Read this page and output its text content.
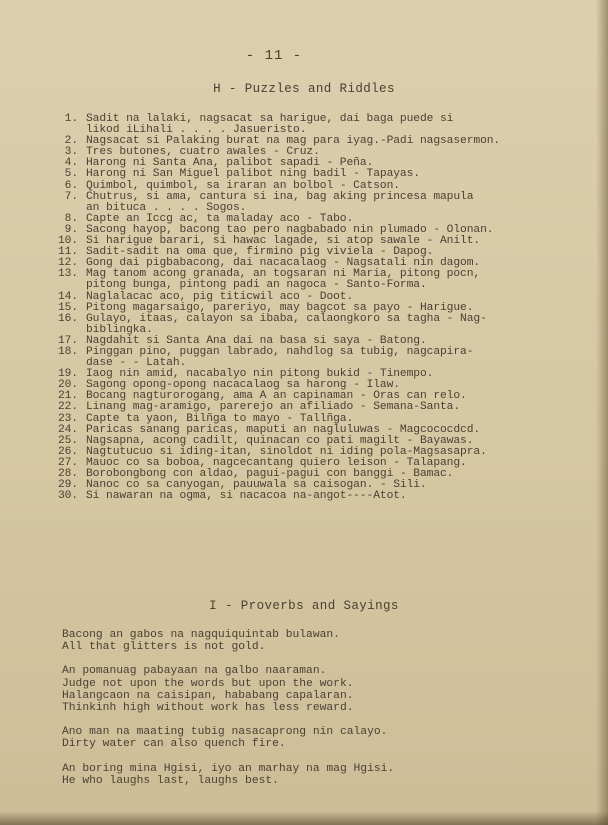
- 11 -
H - Puzzles and Riddles
1. Sadit na lalaki, nagsacat sa harigue, dai baga puede si
likod iLihali . . . . Jasueristo.
2. Nagsacat si Palaking burat na mag para iyag.-Padi nagsasermon.
3. Tres butones, cuatro awales - Cruz.
4. Harong ni Santa Ana, palibot sapadi - Peña.
5. Harong ni San Miguel palibot ning badil - Tapayas.
6. Quimbol, quimbol, sa iraran an bolbol - Catson.
7. Chutrus, si ama, cantura si ina, bag aking princesa mapula
an bituca . . . . Sogos.
8. Capte an Iccg ac, ta maladay aco - Tabo.
9. Sacong hayop, bacong tao pero nagbabado nin plumado - Olonan.
10. Si harigue barari, si hawac lagade, si atop sawale - Anilt.
11. Sadit-sadit na oma que, firmino pig viviela - Dapog.
12. Gong dai pigbabacong, dai nacacalaog - Nagsatali nin dagom.
13. Mag tanom acong granada, an togsaran ni Maria, pitong pocn,
pitong bunga, pintong padi an nagoca - Santo-Forma.
14. Naglalacac aco, pig titicwil aco - Doot.
15. Pitong magarsaigo, pareriyo, may bagcot sa payo - Harigue.
16. Gulayo, itaas, calayon sa ibaba, calaongkoro sa tagha - Nag-
biblingka.
17. Nagdahit si Santa Ana dai na basa si saya - Batong.
18. Pinggan pino, puggan labrado, nahdlog sa tubig, nagcapira-
dase - - Latah.
19. Iaog nin amid, nacabalyo nin pitong bukid - Tinempo.
20. Sagong opong-opong nacacalaog sa harong - Ilaw.
21. Bocang nagturorogang, ama A an capinaman - Oras can relo.
22. Linang mag-aramigo, parerejo an afiliado - Semana-Santa.
23. Capte ta yaon, Bilñga to mayo - Tallñga.
24. Paricas sanang paricas, maputi an nagluluwas - Magcococdcd.
25. Nagsapna, acong cadilt, quinacan co pati magilt - Bayawas.
26. Nagtutucuo si iding-itan, sinoldot ni iding pola-Magsasapra.
27. Mauoc co sa boboa, nagcecantang quiero leison - Talapang.
28. Borobongbong con aldao, pagui-pagui con banggi - Bamac.
29. Nanoc co sa canyogan, pauuwala sa caisogan. - Sili.
30. Si nawaran na ogma, si nacacoa na-angot----Atot.
I - Proverbs and Sayings
Bacong an gabos na nagquiquintab bulawan.
All that glitters is not gold.
An pomanuag pabayaan na galbo naaraman.
Judge not upon the words but upon the work.
Halangcaon na caisipan, hababang capalaran.
Thinkinh high without work has less reward.
Ano man na maating tubig nasacaprong nin calayo.
Dirty water can also quench fire.
An boring mina Hgisi, iyo an marhay na mag Hgisi.
He who laughs last, laughs best.
